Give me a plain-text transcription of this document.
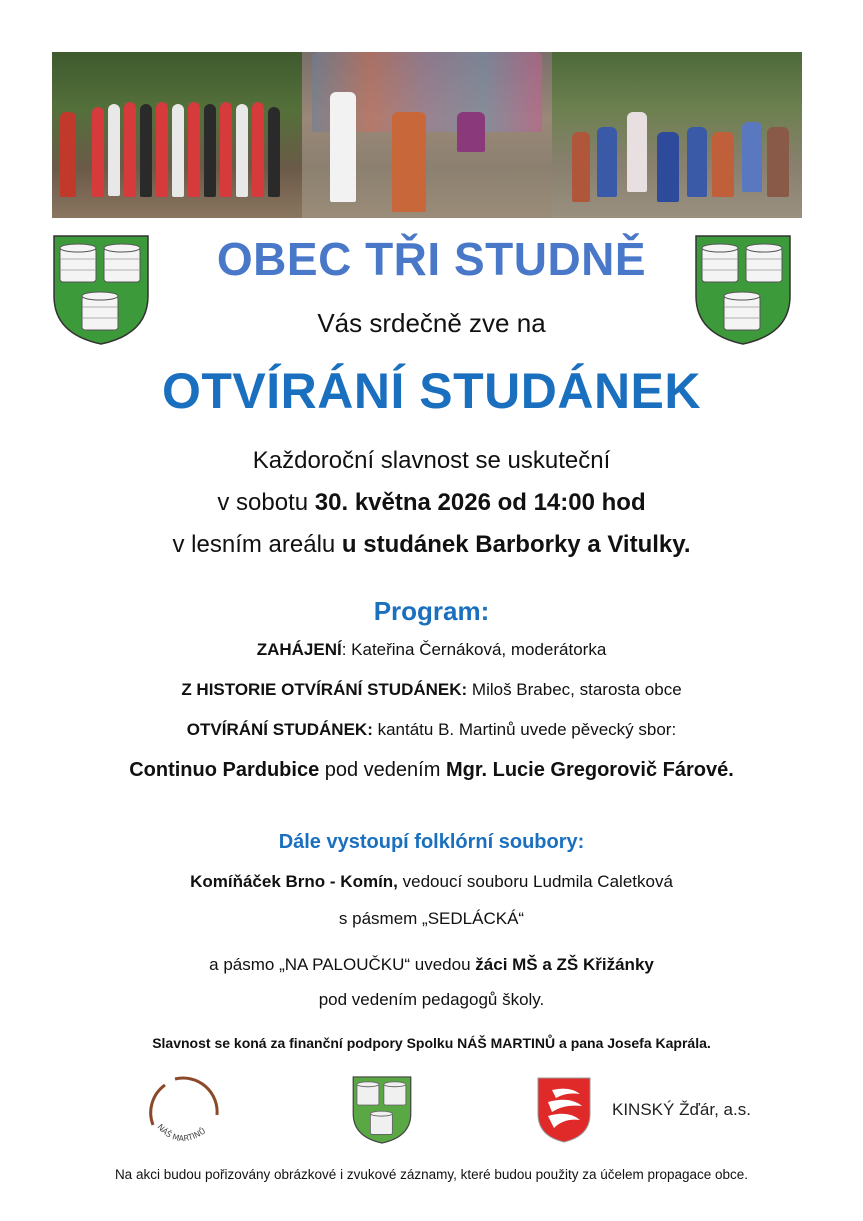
OBEC TŘI STUDNĚ
Vás srdečně zve na
OTVÍRÁNÍ STUDÁNEK
Každoroční slavnost se uskuteční
v sobotu 30. května 2026 od 14:00 hod
v lesním areálu u studánek Barborky a Vitulky.
Program:
ZAHÁJENÍ: Kateřina Černáková, moderátorka
Z HISTORIE OTVÍRÁNÍ STUDÁNEK: Miloš Brabec, starosta obce
OTVÍRÁNÍ STUDÁNEK: kantátu B. Martinů uvede pěvecký sbor:
Continuo Pardubice pod vedením Mgr. Lucie Gregorovič Fárové.
Dále vystoupí folklórní soubory:
Komíňáček Brno - Komín, vedoucí souboru Ludmila Caletková
s pásmem „SEDLÁCKÁ“
a pásmo „NA PALOUČKU“ uvedou žáci MŠ a ZŠ Křižánky
pod vedením pedagogů školy.
Slavnost se koná za finanční podpory Spolku NÁŠ MARTINŮ a pana Josefa Kaprála.
NÁŠ MARTINŮ
KINSKÝ Žďár, a.s.
Na akci budou pořizovány obrázkové i zvukové záznamy, které budou použity za účelem propagace obce.
